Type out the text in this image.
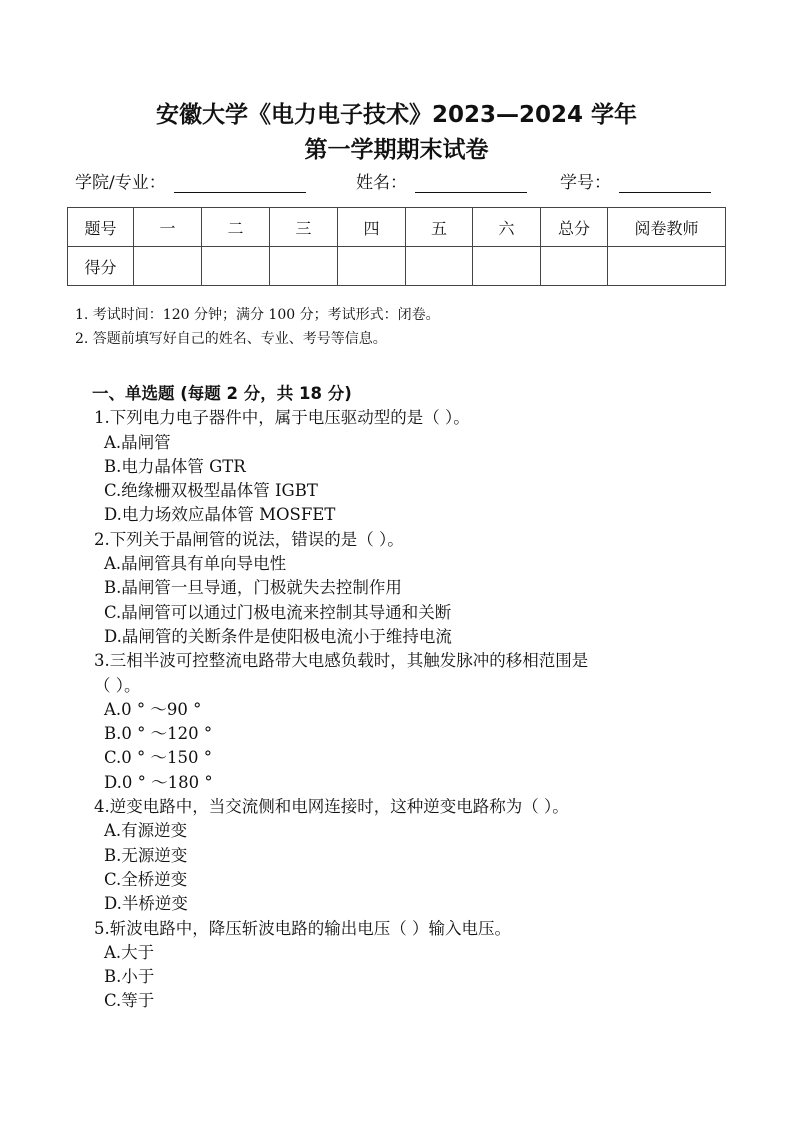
安徽大学《电力电子技术》2023—2024 学年
第一学期期末试卷
学院/专业：	姓名：	学号：
题号	一	二	三	四	五	六	总分	阅卷教师
得分								
1. 考试时间：120 分钟；满分 100 分；考试形式：闭卷。
2. 答题前填写好自己的姓名、专业、考号等信息。
一、单选题 (每题 2 分，共 18 分)
1.下列电力电子器件中，属于电压驱动型的是（ ）。
A.晶闸管
B.电力晶体管 GTR
C.绝缘栅双极型晶体管 IGBT
D.电力场效应晶体管 MOSFET
2.下列关于晶闸管的说法，错误的是（ ）。
A.晶闸管具有单向导电性
B.晶闸管一旦导通，门极就失去控制作用
C.晶闸管可以通过门极电流来控制其导通和关断
D.晶闸管的关断条件是使阳极电流小于维持电流
3.三相半波可控整流电路带大电感负载时，其触发脉冲的移相范围是
（ ）。
A.0 ° ～90 °
B.0 ° ～120 °
C.0 ° ～150 °
D.0 ° ～180 °
4.逆变电路中，当交流侧和电网连接时，这种逆变电路称为（ ）。
A.有源逆变
B.无源逆变
C.全桥逆变
D.半桥逆变
5.斩波电路中，降压斩波电路的输出电压（ ）输入电压。
A.大于
B.小于
C.等于
